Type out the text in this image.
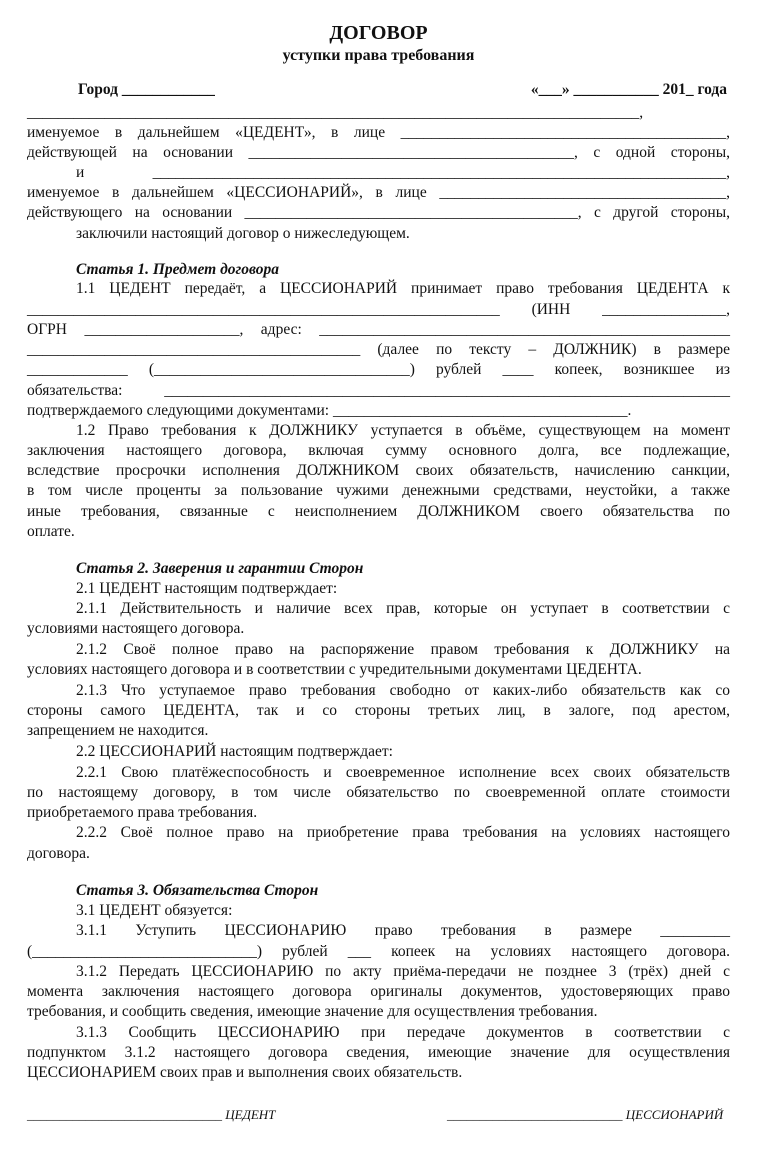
ДОГОВОР
уступки права требования
Город ____________	«___» ___________ 201_ года
______________________________ ЦЕДЕНТ	___________________________ ЦЕССИОНАРИЙ
_______________________________________________________________________________,
именуемое в дальнейшем «ЦЕДЕНТ», в лице __________________________________________,
действующей на основании __________________________________________, с одной стороны,
и __________________________________________________________________________,
именуемое в дальнейшем «ЦЕССИОНАРИЙ», в лице _____________________________________,
действующего на основании ___________________________________________, с другой стороны,
заключили настоящий договор о нижеследующем.
Статья 1. Предмет договора
1.1 ЦЕДЕНТ передаёт, а ЦЕССИОНАРИЙ принимает право требования ЦЕДЕНТА к
_____________________________________________________________ (ИНН ________________,
ОГРН ____________________, адрес: _____________________________________________________
___________________________________________ (далее по тексту – ДОЛЖНИК) в размере
_____________ (_________________________________) рублей ____ копеек, возникшее из
обязательства: _________________________________________________________________________
подтверждаемого следующими документами: ______________________________________.
1.2 Право требования к ДОЛЖНИКУ уступается в объёме, существующем на момент
заключения настоящего договора, включая сумму основного долга, все подлежащие,
вследствие просрочки исполнения ДОЛЖНИКОМ своих обязательств, начислению санкции,
в том числе проценты за пользование чужими денежными средствами, неустойки, а также
иные требования, связанные с неисполнением ДОЛЖНИКОМ своего обязательства по
оплате.
Статья 2. Заверения и гарантии Сторон
2.1 ЦЕДЕНТ настоящим подтверждает:
2.1.1 Действительность и наличие всех прав, которые он уступает в соответствии с
условиями настоящего договора.
2.1.2 Своё полное право на распоряжение правом требования к ДОЛЖНИКУ на
условиях настоящего договора и в соответствии с учредительными документами ЦЕДЕНТА.
2.1.3 Что уступаемое право требования свободно от каких-либо обязательств как со
стороны самого ЦЕДЕНТА, так и со стороны третьих лиц, в залоге, под арестом,
запрещением не находится.
2.2 ЦЕССИОНАРИЙ настоящим подтверждает:
2.2.1 Свою платёжеспособность и своевременное исполнение всех своих обязательств
по настоящему договору, в том числе обязательство по своевременной оплате стоимости
приобретаемого права требования.
2.2.2 Своё полное право на приобретение права требования на условиях настоящего
договора.
Статья 3. Обязательства Сторон
3.1 ЦЕДЕНТ обязуется:
3.1.1 Уступить ЦЕССИОНАРИЮ право требования в размере _________
(_____________________________) рублей ___ копеек на условиях настоящего договора.
3.1.2 Передать ЦЕССИОНАРИЮ по акту приёма-передачи не позднее 3 (трёх) дней с
момента заключения настоящего договора оригиналы документов, удостоверяющих право
требования, и сообщить сведения, имеющие значение для осуществления требования.
3.1.3 Сообщить ЦЕССИОНАРИЮ при передаче документов в соответствии с
подпунктом 3.1.2 настоящего договора сведения, имеющие значение для осуществления
ЦЕССИОНАРИЕМ своих прав и выполнения своих обязательств.
